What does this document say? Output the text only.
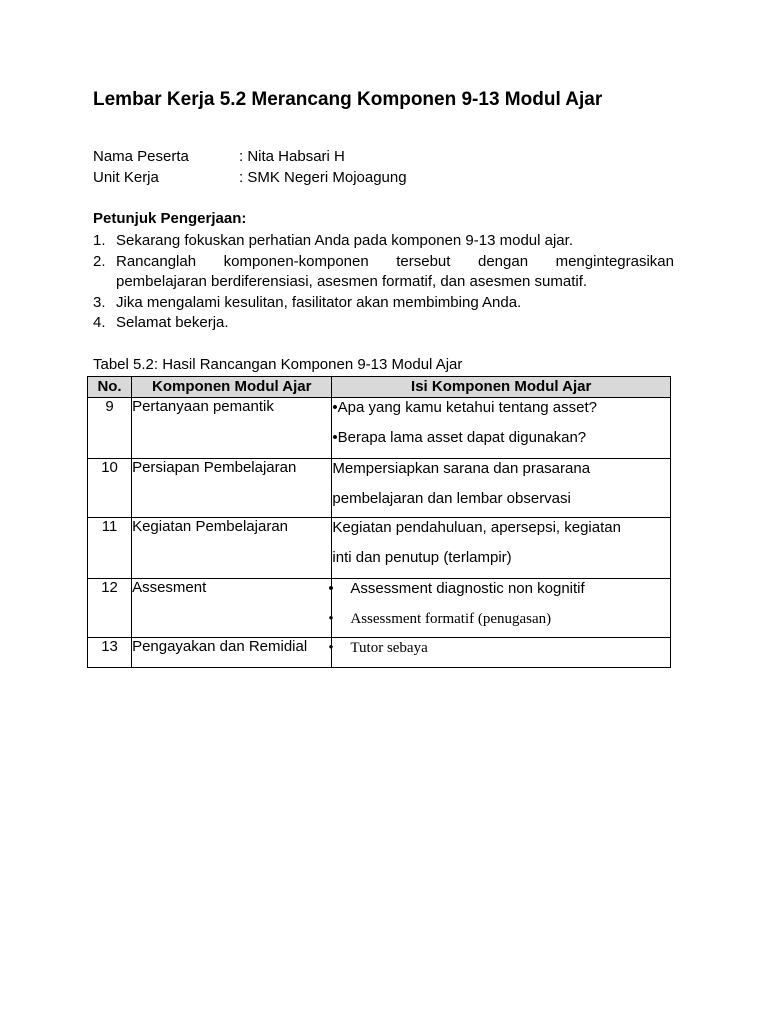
Lembar Kerja 5.2 Merancang Komponen 9-13 Modul Ajar
Nama Peserta	: Nita Habsari H
Unit Kerja	: SMK Negeri Mojoagung

Petunjuk Pengerjaan:

1. Sekarang fokuskan perhatian Anda pada komponen 9-13 modul ajar.
2. Rancanglah komponen-komponen tersebut dengan mengintegrasikan pembelajaran berdiferensiasi, asesmen formatif, dan asesmen sumatif.
3. Jika mengalami kesulitan, fasilitator akan membimbing Anda.
4. Selamat bekerja.

Tabel 5.2: Hasil Rancangan Komponen 9-13 Modul Ajar

No.	Komponen Modul Ajar	Isi Komponen Modul Ajar
9	Pertanyaan pemantik	•Apa yang kamu ketahui tentang asset?
•Berapa lama asset dapat digunakan?

10	Persiapan Pembelajaran	Mempersiapkan sarana dan prasarana
pembelajaran dan lembar observasi

11	Kegiatan Pembelajaran	Kegiatan pendahuluan, apersepsi, kegiatan
inti dan penutup (terlampir)

12	Assesment	• Assessment diagnostic non kognitif
• Assessment formatif (penugasan)

13	Pengayakan dan Remidial	• Tutor sebaya
